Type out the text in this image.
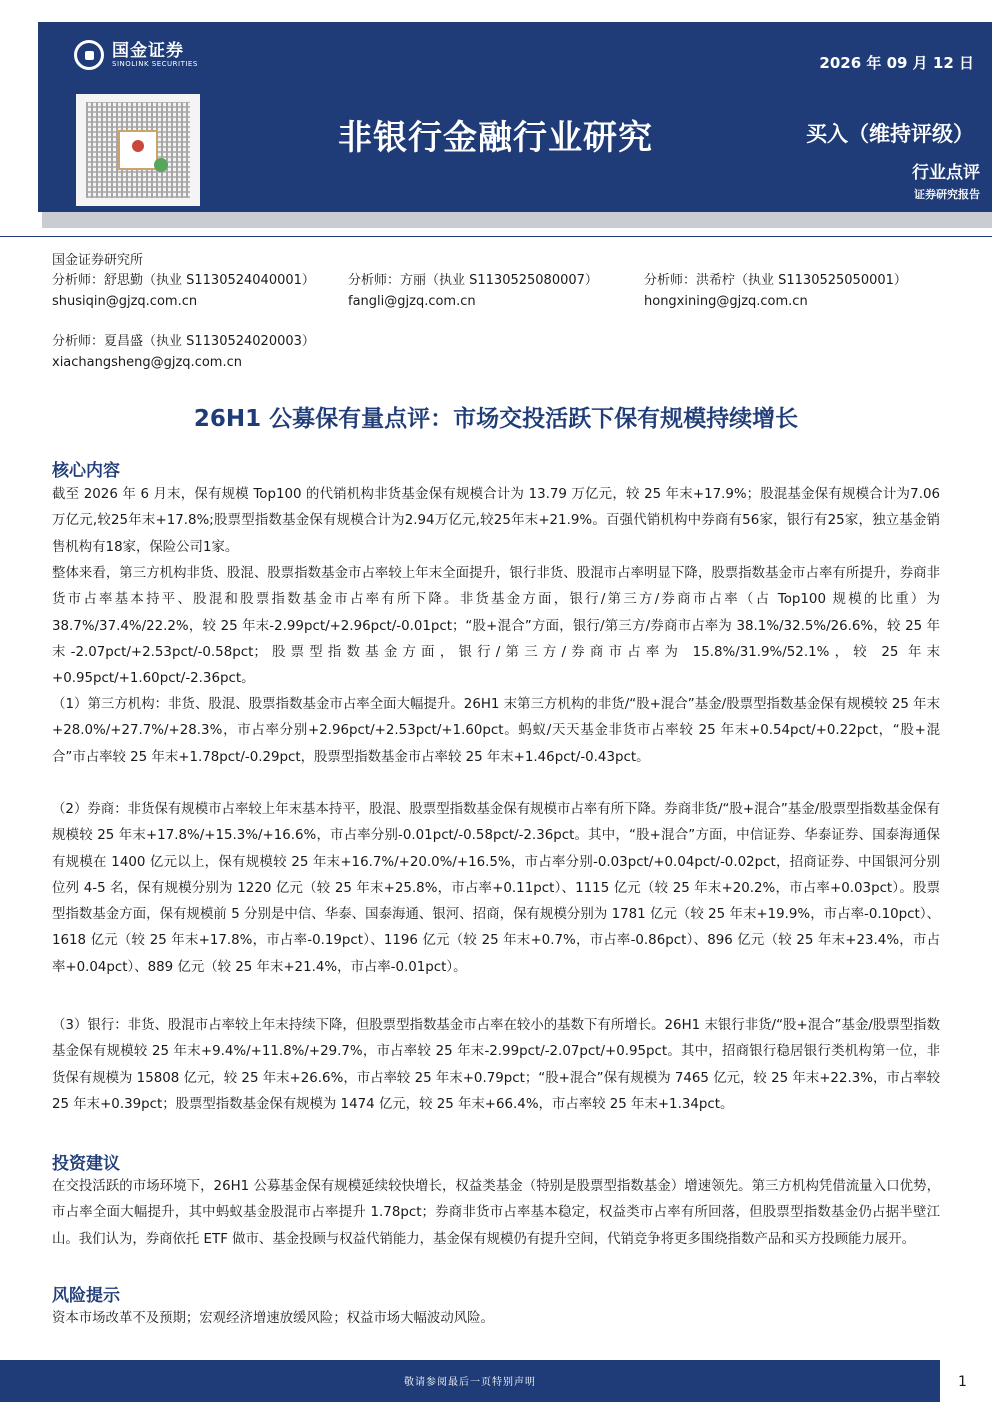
国金证券
SINOLINK SECURITIES	2026 年 09 月 12 日
非银行金融行业研究	买入（维持评级）
行业点评
证券研究报告
国金证券研究所
分析师：舒思勤（执业 S1130524040001）
shusiqin@gjzq.com.cn
分析师：方丽（执业 S1130525080007）
fangli@gjzq.com.cn
分析师：洪希柠（执业 S1130525050001）
hongxining@gjzq.com.cn
分析师：夏昌盛（执业 S1130524020003）
xiachangsheng@gjzq.com.cn
26H1 公募保有量点评：市场交投活跃下保有规模持续增长
核心内容

截至 2026 年 6 月末，保有规模 Top100 的代销机构非货基金保有规模合计为 13.79 万亿元，较 25 年末+17.9%；股混基金保有规模合计为7.06万亿元,较25年末+17.8%;股票型指数基金保有规模合计为2.94万亿元,较25年末+21.9%。百强代销机构中券商有56家，银行有25家，独立基金销售机构有18家，保险公司1家。

整体来看，第三方机构非货、股混、股票指数基金市占率较上年末全面提升，银行非货、股混市占率明显下降，股票指数基金市占率有所提升，券商非货市占率基本持平、股混和股票指数基金市占率有所下降。非货基金方面，银行/第三方/券商市占率（占 Top100 规模的比重）为 38.7%/37.4%/22.2%，较 25 年末-2.99pct/+2.96pct/-0.01pct；“股+混合”方面，银行/第三方/券商市占率为 38.1%/32.5%/26.6%，较 25 年末-2.07pct/+2.53pct/-0.58pct；股票型指数基金方面，银行/第三方/券商市占率为 15.8%/31.9%/52.1%，较 25 年末+0.95pct/+1.60pct/-2.36pct。

（1）第三方机构：非货、股混、股票指数基金市占率全面大幅提升。26H1 末第三方机构的非货/“股+混合”基金/股票型指数基金保有规模较 25 年末+28.0%/+27.7%/+28.3%，市占率分别+2.96pct/+2.53pct/+1.60pct。蚂蚁/天天基金非货市占率较 25 年末+0.54pct/+0.22pct，“股+混合”市占率较 25 年末+1.78pct/-0.29pct，股票型指数基金市占率较 25 年末+1.46pct/-0.43pct。

（2）券商：非货保有规模市占率较上年末基本持平，股混、股票型指数基金保有规模市占率有所下降。券商非货/“股+混合”基金/股票型指数基金保有规模较 25 年末+17.8%/+15.3%/+16.6%，市占率分别-0.01pct/-0.58pct/-2.36pct。其中，“股+混合”方面，中信证券、华泰证券、国泰海通保有规模在 1400 亿元以上，保有规模较 25 年末+16.7%/+20.0%/+16.5%，市占率分别-0.03pct/+0.04pct/-0.02pct，招商证券、中国银河分别位列 4-5 名，保有规模分别为 1220 亿元（较 25 年末+25.8%，市占率+0.11pct）、1115 亿元（较 25 年末+20.2%，市占率+0.03pct）。股票型指数基金方面，保有规模前 5 分别是中信、华泰、国泰海通、银河、招商，保有规模分别为 1781 亿元（较 25 年末+19.9%，市占率-0.10pct）、1618 亿元（较 25 年末+17.8%，市占率-0.19pct）、1196 亿元（较 25 年末+0.7%，市占率-0.86pct）、896 亿元（较 25 年末+23.4%，市占率+0.04pct）、889 亿元（较 25 年末+21.4%，市占率-0.01pct）。

（3）银行：非货、股混市占率较上年末持续下降，但股票型指数基金市占率在较小的基数下有所增长。26H1 末银行非货/“股+混合”基金/股票型指数基金保有规模较 25 年末+9.4%/+11.8%/+29.7%，市占率较 25 年末-2.99pct/-2.07pct/+0.95pct。其中，招商银行稳居银行类机构第一位，非货保有规模为 15808 亿元，较 25 年末+26.6%，市占率较 25 年末+0.79pct；“股+混合”保有规模为 7465 亿元，较 25 年末+22.3%，市占率较 25 年末+0.39pct；股票型指数基金保有规模为 1474 亿元，较 25 年末+66.4%，市占率较 25 年末+1.34pct。

投资建议

在交投活跃的市场环境下，26H1 公募基金保有规模延续较快增长，权益类基金（特别是股票型指数基金）增速领先。第三方机构凭借流量入口优势，市占率全面大幅提升，其中蚂蚁基金股混市占率提升 1.78pct；券商非货市占率基本稳定，权益类市占率有所回落，但股票型指数基金仍占据半壁江山。我们认为，券商依托 ETF 做市、基金投顾与权益代销能力，基金保有规模仍有提升空间，代销竞争将更多围绕指数产品和买方投顾能力展开。

风险提示

资本市场改革不及预期；宏观经济增速放缓风险；权益市场大幅波动风险。

敬请参阅最后一页特别声明	1
